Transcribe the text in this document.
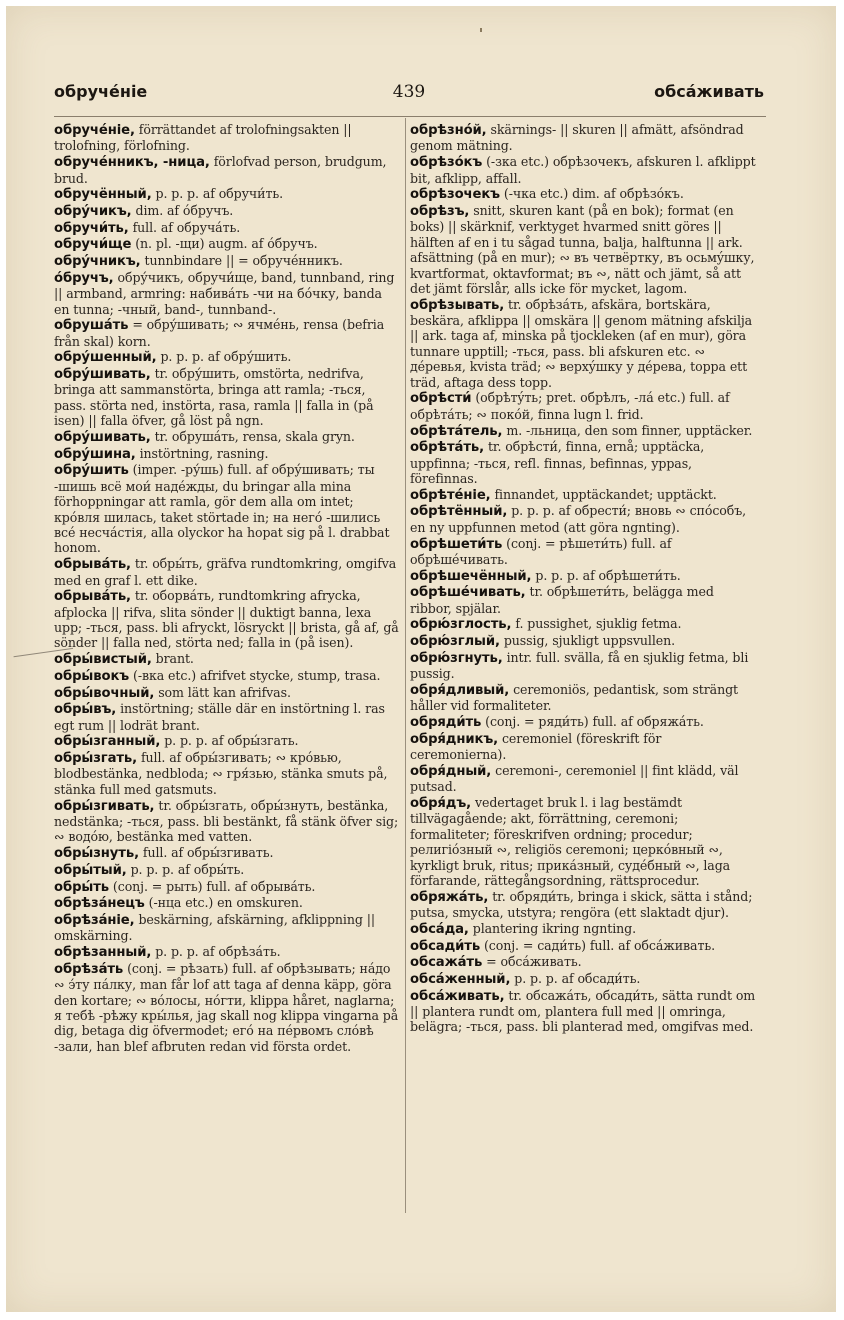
обручéніе	439	обсáживать
обручéніе, förrättandet af trolofningsakten || trolofning, förlofning.
обручéнникъ, -ница, förlofvad person, brudgum, brud.
обручённый, p. p. p. af обручи́ть.
обру́чикъ, dim. af óбручъ.
обручи́ть, full. af обручáть.
обручи́ще (n. pl. -щи) augm. af óбручъ.
обру́чникъ, tunnbindare || = обручéнникъ.
óбручъ, обру́чикъ, обручи́ще, band, tunnband, ring || armband, armring: набивáть -чи на бóчку, banda en tunna; -чный, band-, tunnband-.
обрушáть = обру́шивать; ∾ ячмéнь, rensa (befria från skal) korn.
обру́шенный, p. p. p. af обру́шить.
обру́шивать, tr. обру́шить, omstörta, nedrifva, bringa att sammanstörta, bringa att ramla; -ться, pass. störta ned, instörta, rasa, ramla || falla in (på isen) || falla öfver, gå löst på ngn.
обру́шивать, tr. обрушáть, rensa, skala gryn.
обру́шина, instörtning, rasning.
обру́шить (imper. -ру́шь) full. af обру́шивать; ты -шишь всё мои́ надéжды, du bringar alla mina förhoppningar att ramla, gör dem alla om intet; крóвля шилась, taket störtade in; на негó -шились всé несчáстія, alla olyckor ha hopat sig på l. drabbat honom.
обрывáть, tr. обры́ть, gräfva rundtomkring, omgifva med en graf l. ett dike.
обрывáть, tr. оборвáть, rundtomkring afrycka, afplocka || rifva, slita sönder || duktigt banna, lexa upp; -ться, pass. bli afryckt, lösryckt || brista, gå af, gå sönder || falla ned, störta ned; falla in (på isen).
обры́вистый, brant.
обры́вокъ (-вка etc.) afrifvet stycke, stump, trasa.
обры́вочный, som lätt kan afrifvas.
обры́въ, instörtning; ställe där en instörtning l. ras egt rum || lodrät brant.
обры́зганный, p. p. p. af обры́згать.
обры́згать, full. af обры́згивать; ∾ крóвью, blodbestänka, nedbloda; ∾ гря́зью, stänka smuts på, stänka full med gatsmuts.
обры́згивать, tr. обры́згать, обры́знуть, bestänka, nedstänka; -ться, pass. bli bestänkt, få stänk öfver sig; ∾ водóю, bestänka med vatten.
обры́знуть, full. af обры́згивать.
обры́тый, p. p. p. af обры́ть.
обры́ть (conj. = рыть) full. af обрывáть.
обрѣзáнецъ (-нца etc.) en omskuren.
обрѣзáніе, beskärning, afskärning, afklippning || omskärning.
обрѣзанный, p. p. p. af обрѣзáть.
обрѣзáть (conj. = рѣзать) full. af обрѣзывать; нáдо ∾ э́ту пáлку, man får lof att taga af denna käpp, göra den kortare; ∾ вóлосы, нóгти, klippa håret, naglarna; я тебѣ -рѣжу кры́лья, jag skall nog klippa vingarna på dig, betaga dig öfvermodet; егó на пéрвомъ слóвѣ -зали, han blef afbruten redan vid första ordet.
обрѣзнóй, skärnings- || skuren || afmätt, afsöndrad genom mätning.
обрѣзóкъ (-зка etc.) обрѣзочекъ, afskuren l. afklippt bit, afklipp, affall.
обрѣзочекъ (-чка etc.) dim. af обрѣзóкъ.
обрѣзъ, snitt, skuren kant (på en bok); format (en boks) || skärknif, verktyget hvarmed snitt göres || hälften af en i tu sågad tunna, balja, halftunna || ark. afsättning (på en mur); ∾ въ четвёртку, въ осьмýшку, kvartformat, oktavformat; въ ∾, nätt och jämt, så att det jämt förslår, alls icke för mycket, lagom.
обрѣзывать, tr. обрѣзáть, afskära, bortskära, beskära, afklippa || omskära || genom mätning afskilja || ark. taga af, minska på tjockleken (af en mur), göra tunnare upptill; -ться, pass. bli afskuren etc. ∾ дéревья, kvista träd; ∾ верхýшку у дéрева, toppa ett träd, aftaga dess topp.
обрѣсти́ (обрѣтýть; pret. обрѣлъ, -лá etc.) full. af обрѣтáть; ∾ покóй, finna lugn l. frid.
обрѣтáтель, m. -льница, den som finner, upptäcker.
обрѣтáть, tr. обрѣсти́, finna, ernå; upptäcka, uppfinna; -ться, refl. finnas, befinnas, yppas, förefinnas.
обрѣтéніе, finnandet, upptäckandet; upptäckt.
обрѣтённый, p. p. p. af обрести́; вновь ∾ спóсобъ, en ny uppfunnen metod (att göra ngnting).
обрѣшети́ть (conj. = рѣшети́ть) full. af обрѣшéчивать.
обрѣшечённый, p. p. p. af обрѣшети́ть.
обрѣшéчивать, tr. обрѣшети́ть, belägga med ribbor, spjälar.
обрю́зглость, f. pussighet, sjuklig fetma.
обрю́зглый, pussig, sjukligt uppsvullen.
обрю́згнуть, intr. full. svälla, få en sjuklig fetma, bli pussig.
обря́дливый, ceremoniös, pedantisk, som strängt håller vid formaliteter.
обряди́ть (conj. = ряди́ть) full. af обряжáть.
обря́дникъ, ceremoniel (föreskrift för ceremonierna).
обря́дный, ceremoni-, ceremoniel || fint klädd, väl putsad.
обря́дъ, vedertaget bruk l. i lag bestämdt tillvägagående; akt, förrättning, ceremoni; formaliteter; föreskrifven ordning; procedur; религіóзный ∾, religiös ceremoni; церкóвный ∾, kyrkligt bruk, ritus; прикáзный, судéбный ∾, laga förfarande, rättegångsordning, rättsprocedur.
обряжáть, tr. обряди́ть, bringa i skick, sätta i stånd; putsa, smycka, utstyra; rengöra (ett slaktadt djur).
обсáда, plantering ikring ngnting.
обсади́ть (conj. = сади́ть) full. af обсáживать.
обсажáть = обсáживать.
обсáженный, p. p. p. af обсади́ть.
обсáживать, tr. обсажáть, обсади́ть, sätta rundt om || plantera rundt om, plantera full med || omringa, belägra; -ться, pass. bli planterad med, omgifvas med.
